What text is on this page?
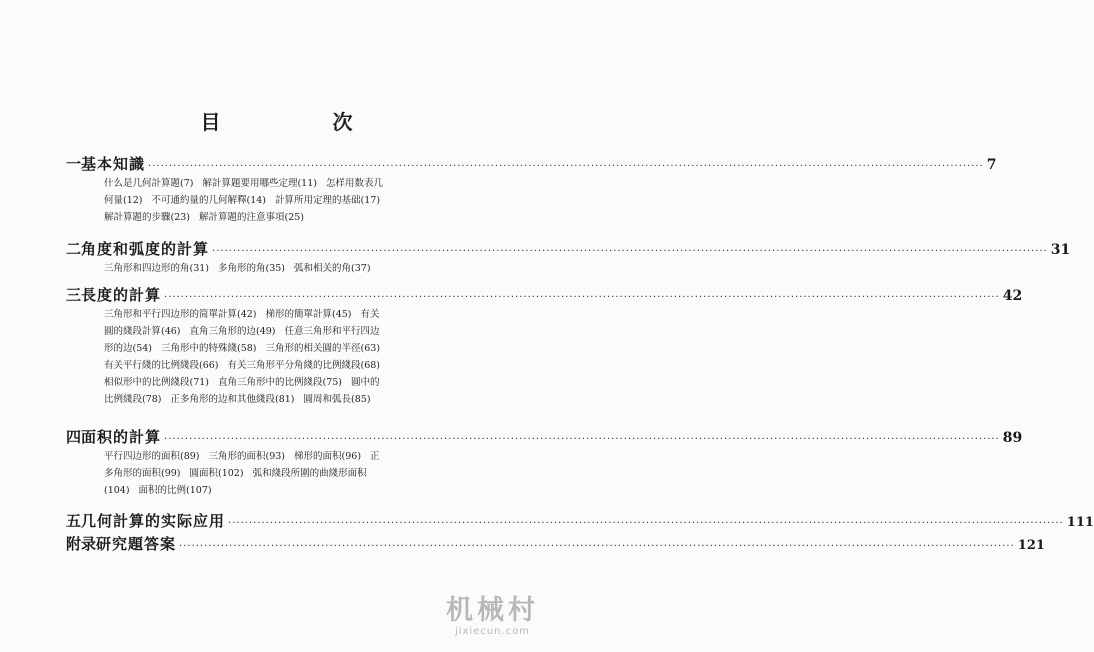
目　次
一 基本知識 ········································································································································································································ 7
什么是几何計算題(7) 解計算題要用哪些定理(11) 怎样用数表几
何量(12) 不可通約量的几何解釋(14) 計算所用定理的基础(17)
解計算題的步驟(23) 解計算題的注意事項(25)
二 角度和弧度的計算 ········································································································································································································ 31
三角形和四边形的角(31) 多角形的角(35) 弧和相关的角(37)
三 長度的計算 ········································································································································································································ 42
三角形和平行四边形的简單計算(42) 梯形的簡單計算(45) 有关
圓的綫段計算(46) 直角三角形的边(49) 任意三角形和平行四边
形的边(54) 三角形中的特殊綫(58) 三角形的相关圓的半徑(63)
有关平行綫的比例綫段(66) 有关三角形平分角綫的比例綫段(68)
相似形中的比例綫段(71) 直角三角形中的比例綫段(75) 圓中的
比例綫段(78) 正多角形的边和其他綫段(81) 圓周和弧長(85)
四 面积的計算 ········································································································································································································ 89
平行四边形的面积(89) 三角形的面积(93) 梯形的面积(96) 正
多角形的面积(99) 圓面积(102) 弧和綫段所圍的曲綫形面积
(104) 面积的比例(107)
五 几何計算的实际应用 ········································································································································································································ 111
附录 研究題答案 ········································································································································································································ 121
机械村
jixiecun.com
